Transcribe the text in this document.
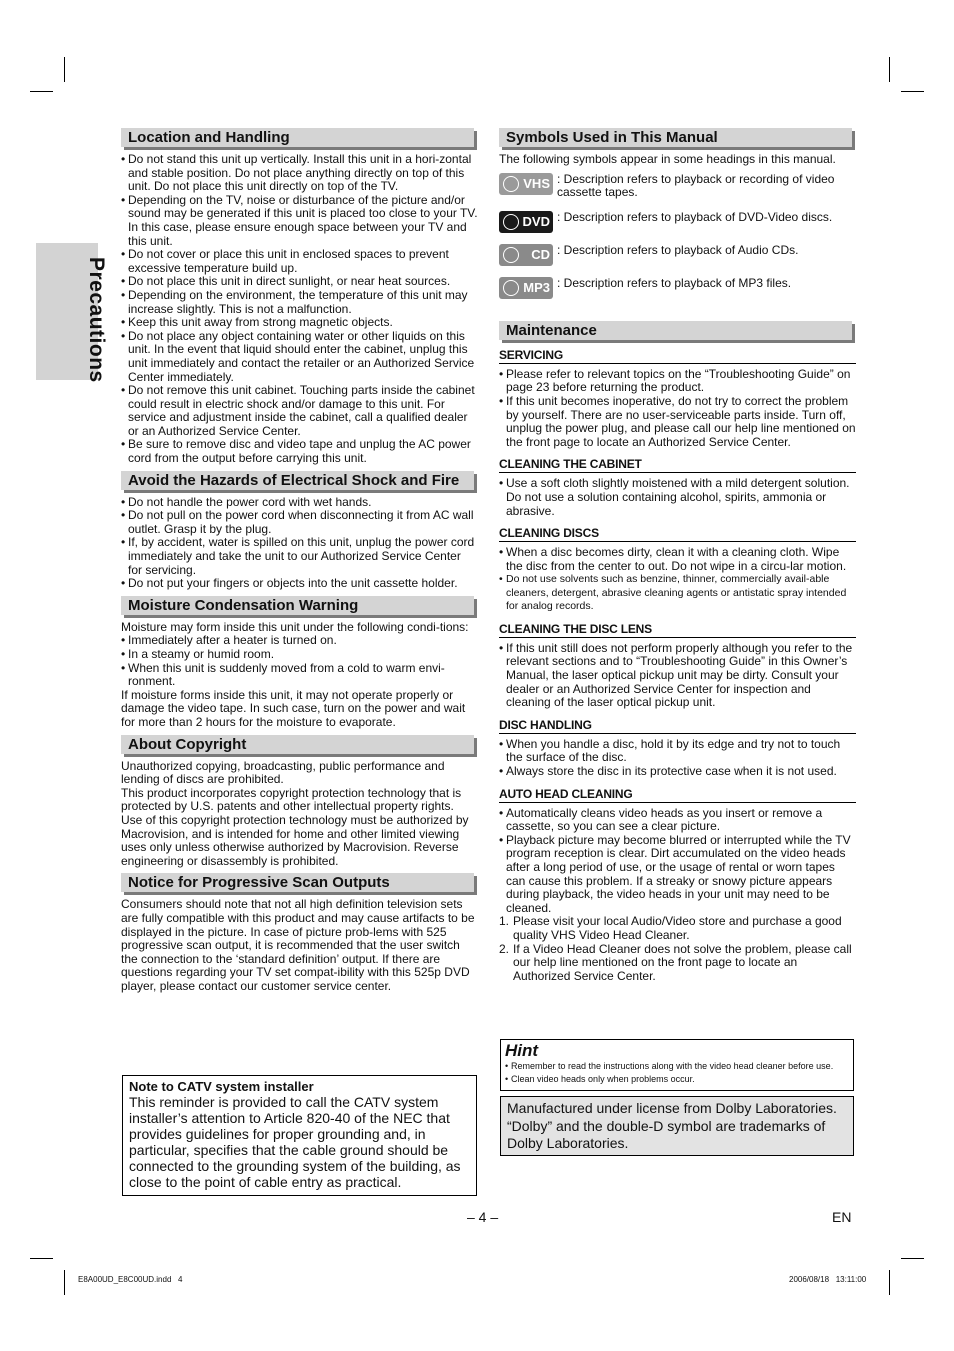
Precautions
Location and Handling
• Do not stand this unit up vertically. Install this unit in a hori-zontal and stable position. Do not place anything directly on top of this unit. Do not place this unit directly on top of the TV.
• Depending on the TV, noise or disturbance of the picture and/or sound may be generated if this unit is placed too close to your TV. In this case, please ensure enough space between your TV and this unit.
• Do not cover or place this unit in enclosed spaces to prevent excessive temperature build up.
• Do not place this unit in direct sunlight, or near heat sources.
• Depending on the environment, the temperature of this unit may increase slightly. This is not a malfunction.
• Keep this unit away from strong magnetic objects.
• Do not place any object containing water or other liquids on this unit. In the event that liquid should enter the cabinet, unplug this unit immediately and contact the retailer or an Authorized Service Center immediately.
• Do not remove this unit cabinet. Touching parts inside the cabinet could result in electric shock and/or damage to this unit. For service and adjustment inside the cabinet, call a qualified dealer or an Authorized Service Center.
• Be sure to remove disc and video tape and unplug the AC power cord from the output before carrying this unit.
Avoid the Hazards of Electrical Shock and Fire
• Do not handle the power cord with wet hands.
• Do not pull on the power cord when disconnecting it from AC wall outlet. Grasp it by the plug.
• If, by accident, water is spilled on this unit, unplug the power cord immediately and take the unit to our Authorized Service Center for servicing.
• Do not put your fingers or objects into the unit cassette holder.
Moisture Condensation Warning

Moisture may form inside this unit under the following condi-tions:

• Immediately after a heater is turned on.
• In a steamy or humid room.
• When this unit is suddenly moved from a cold to warm envi-ronment.

If moisture forms inside this unit, it may not operate properly or damage the video tape. In such case, turn on the power and wait for more than 2 hours for the moisture to evaporate.

About Copyright

Unauthorized copying, broadcasting, public performance and lending of discs are prohibited.

This product incorporates copyright protection technology that is protected by U.S. patents and other intellectual property rights. Use of this copyright protection technology must be authorized by Macrovision, and is intended for home and other limited viewing uses only unless otherwise authorized by Macrovision. Reverse engineering or disassembly is prohibited.

Notice for Progressive Scan Outputs

Consumers should note that not all high definition television sets are fully compatible with this product and may cause artifacts to be displayed in the picture. In case of picture prob-lems with 525 progressive scan output, it is recommended that the user switch the connection to the ‘standard definition’ output. If there are questions regarding your TV set compat-ibility with this 525p DVD player, please contact our customer service center.

Note to CATV system installer
This reminder is provided to call the CATV system installer’s attention to Article 820-40 of the NEC that provides guidelines for proper grounding and, in particular, specifies that the cable ground should be connected to the grounding system of the building, as close to the point of cable entry as practical.
Symbols Used in This Manual

The following symbols appear in some headings in this manual.

VHS : Description refers to playback or recording of video cassette tapes.
DVD : Description refers to playback of DVD-Video discs.
CD : Description refers to playback of Audio CDs.
MP3 : Description refers to playback of MP3 files.
Maintenance
SERVICING
• Please refer to relevant topics on the “Troubleshooting Guide” on page 23 before returning the product.
• If this unit becomes inoperative, do not try to correct the problem by yourself. There are no user-serviceable parts inside. Turn off, unplug the power plug, and please call our help line mentioned on the front page to locate an Authorized Service Center.
CLEANING THE CABINET
• Use a soft cloth slightly moistened with a mild detergent solution. Do not use a solution containing alcohol, spirits, ammonia or abrasive.
CLEANING DISCS
• When a disc becomes dirty, clean it with a cleaning cloth. Wipe the disc from the center to out. Do not wipe in a circu-lar motion.
• Do not use solvents such as benzine, thinner, commercially avail-able cleaners, detergent, abrasive cleaning agents or antistatic spray intended for analog records.
CLEANING THE DISC LENS
• If this unit still does not perform properly although you refer to the relevant sections and to “Troubleshooting Guide” in this Owner’s Manual, the laser optical pickup unit may be dirty. Consult your dealer or an Authorized Service Center for inspection and cleaning of the laser optical pickup unit.
DISC HANDLING
• When you handle a disc, hold it by its edge and try not to touch the surface of the disc.
• Always store the disc in its protective case when it is not used.
AUTO HEAD CLEANING
• Automatically cleans video heads as you insert or remove a cassette, so you can see a clear picture.
• Playback picture may become blurred or interrupted while the TV program reception is clear. Dirt accumulated on the video heads after a long period of use, or the usage of rental or worn tapes can cause this problem. If a streaky or snowy picture appears during playback, the video heads in your unit may need to be cleaned.
1. Please visit your local Audio/Video store and purchase a good quality VHS Video Head Cleaner.
2. If a Video Head Cleaner does not solve the problem, please call our help line mentioned on the front page to locate an Authorized Service Center.
Hint
• Remember to read the instructions along with the video head cleaner before use.
• Clean video heads only when problems occur.

Manufactured under license from Dolby Laboratories. “Dolby” and the double-D symbol are trademarks of Dolby Laboratories.

– 4 –	EN
E8A00UD_E8C00UD.indd   4	2006/08/18   13:11:00
